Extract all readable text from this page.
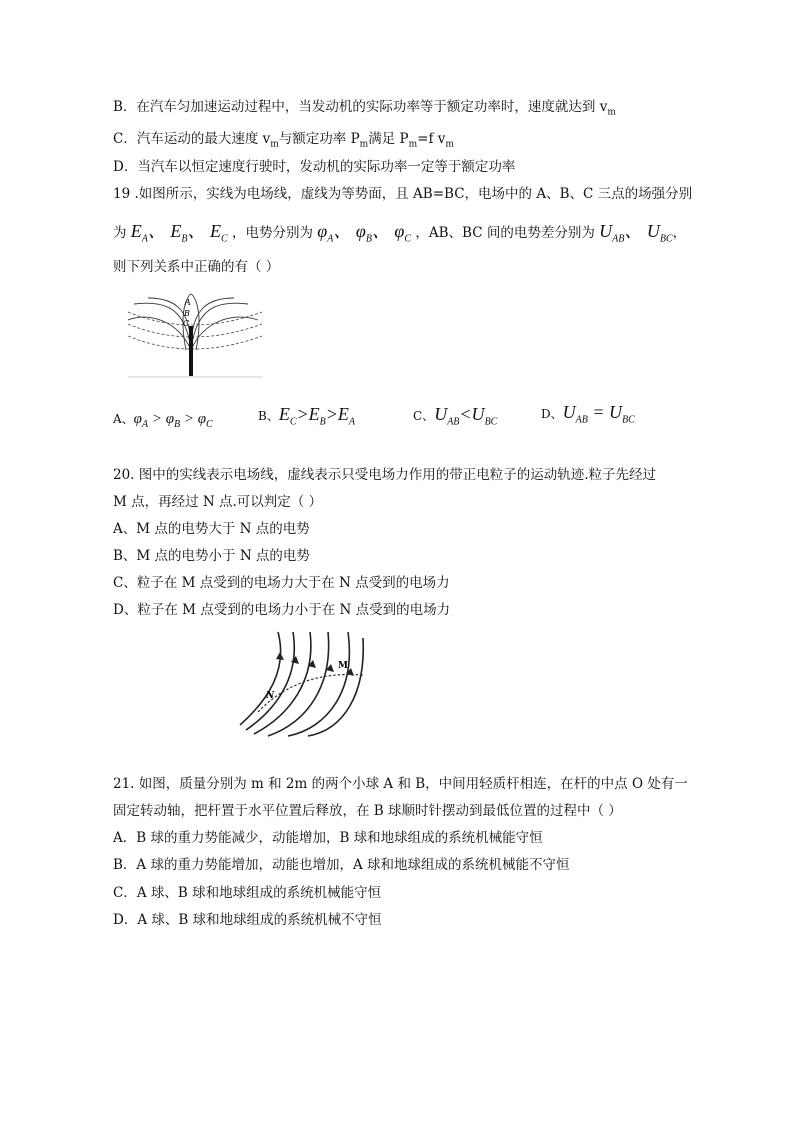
B．在汽车匀加速运动过程中，当发动机的实际功率等于额定功率时，速度就达到 $v_m$
C．汽车运动的最大速度 $v_m$与额定功率 $P_m$满足 $P_m=f$ $v_m$
D．当汽车以恒定速度行驶时，发动机的实际功率一定等于额定功率
19 .如图所示，实线为电场线，虚线为等势面，且 AB=BC，电场中的 A、B、C 三点的场强分别
为 $E_A$、 $E_B$、 $E_C$ ，电势分别为 $\varphi_A$、 $\varphi_B$、 $\varphi_C$ ，AB、BC 间的电势差分别为 $U_{AB}$、 $U_{BC}$，
则下列关系中正确的有（ ）
A
B
C
A、$\varphi_A > \varphi_B > \varphi_C$
B、$E_C>E_B>E_A$	C、$U_{AB}<U_{BC}$
D、$U_{AB} = U_{BC}$
20. 图中的实线表示电场线，虚线表示只受电场力作用的带正电粒子的运动轨迹.粒子先经过
M 点，再经过 N 点.可以判定（ ）
A、M 点的电势大于 N 点的电势
B、M 点的电势小于 N 点的电势
C、粒子在 M 点受到的电场力大于在 N 点受到的电场力
D、粒子在 M 点受到的电场力小于在 N 点受到的电场力
M
N
21. 如图，质量分别为 m 和 2m 的两个小球 A 和 B，中间用轻质杆相连，在杆的中点 O 处有一
固定转动轴，把杆置于水平位置后释放，在 B 球顺时针摆动到最低位置的过程中（ ）
A．B 球的重力势能减少，动能增加，B 球和地球组成的系统机械能守恒
B．A 球的重力势能增加，动能也增加，A 球和地球组成的系统机械能不守恒
C．A 球、B 球和地球组成的系统机械能守恒
D．A 球、B 球和地球组成的系统机械不守恒
